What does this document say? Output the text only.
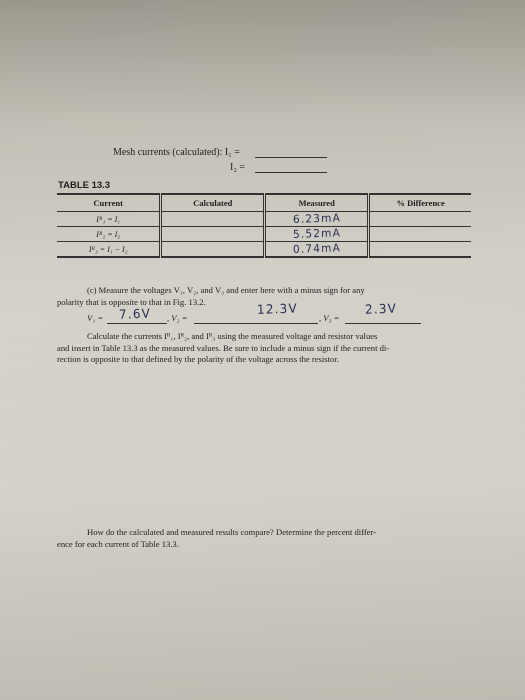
​
Mesh currents (calculated): I₁ =
I₂ =
TABLE 13.3
Current	Calculated	Measured	% Difference
Iᴿ₁ = I₁		6.23mA	
Iᴿ₂ = I₂		5.52mA	
Iᴿ₃ = I₁ − I₂		0.74mA	
(c) Measure the voltages V₁, V₂, and V₃ and enter here with a minus sign for any
polarity that is opposite to that in Fig. 13.2.
V₁ = 7.6V , V₂ =
12.3V
, V₃ =
2.3V
Calculate the currents Iᴿ₁, Iᴿ₂, and Iᴿ₃ using the measured voltage and resistor values
and insert in Table 13.3 as the measured values. Be sure to include a minus sign if the current di-
rection is opposite to that defined by the polarity of the voltage across the resistor.
How do the calculated and measured results compare? Determine the percent differ-
ence for each current of Table 13.3.
